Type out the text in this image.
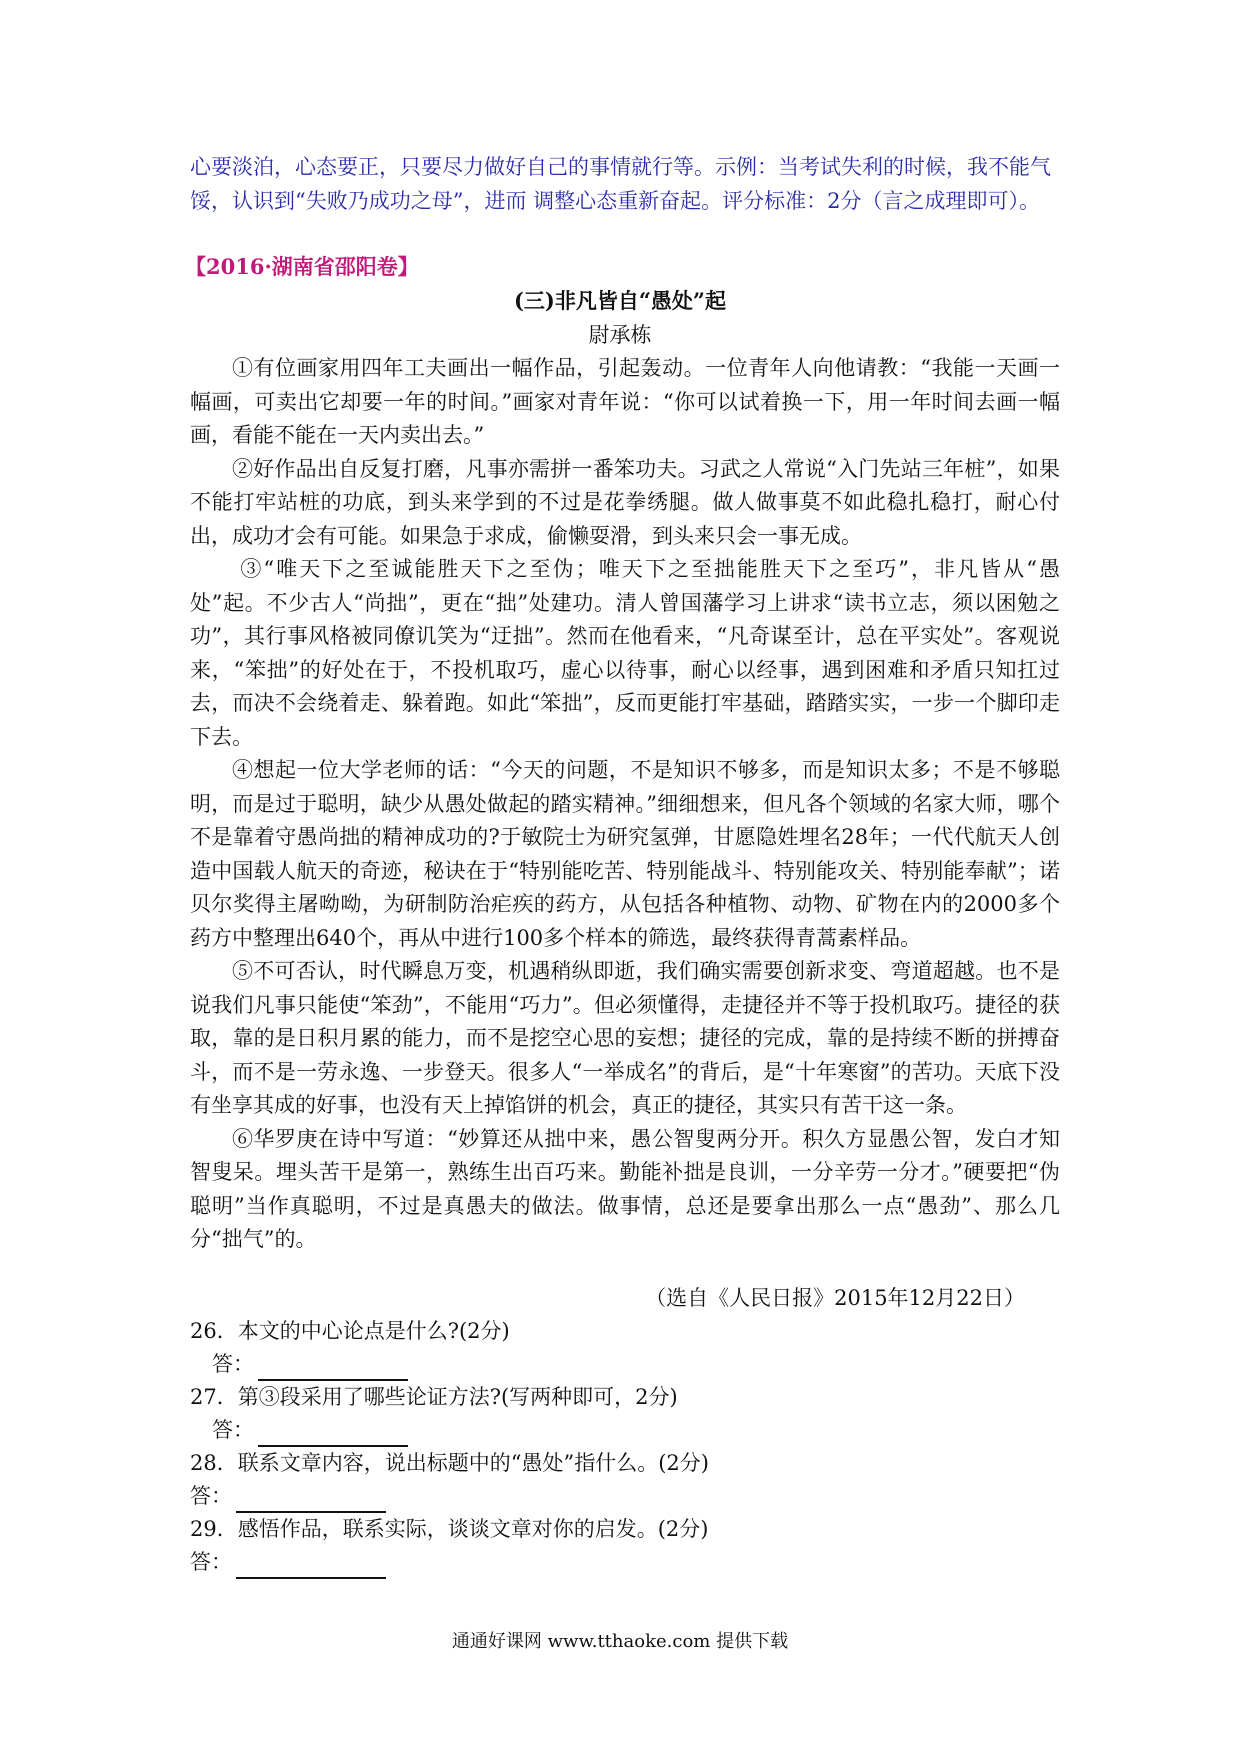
心要淡泊，心态要正，只要尽力做好自己的事情就行等。示例：当考试失利的时候，我不能气馁，认识到“失败乃成功之母”，进而 调整心态重新奋起。评分标准：2分（言之成理即可）。

【2016·湖南省邵阳卷】

(三)非凡皆自“愚处”起

尉承栋

①有位画家用四年工夫画出一幅作品，引起轰动。一位青年人向他请教：“我能一天画一幅画，可卖出它却要一年的时间。”画家对青年说：“你可以试着换一下，用一年时间去画一幅画，看能不能在一天内卖出去。”

②好作品出自反复打磨，凡事亦需拼一番笨功夫。习武之人常说“入门先站三年桩”，如果不能打牢站桩的功底，到头来学到的不过是花拳绣腿。做人做事莫不如此稳扎稳打，耐心付出，成功才会有可能。如果急于求成，偷懒耍滑，到头来只会一事无成。

③“唯天下之至诚能胜天下之至伪；唯天下之至拙能胜天下之至巧”，非凡皆从“愚处”起。不少古人“尚拙”，更在“拙”处建功。清人曾国藩学习上讲求“读书立志，须以困勉之功”，其行事风格被同僚讥笑为“迂拙”。然而在他看来，“凡奇谋至计，总在平实处”。客观说来，“笨拙”的好处在于，不投机取巧，虚心以待事，耐心以经事，遇到困难和矛盾只知扛过去，而决不会绕着走、躲着跑。如此“笨拙”，反而更能打牢基础，踏踏实实，一步一个脚印走下去。

④想起一位大学老师的话：“今天的问题，不是知识不够多，而是知识太多；不是不够聪明，而是过于聪明，缺少从愚处做起的踏实精神。”细细想来，但凡各个领域的名家大师，哪个不是靠着守愚尚拙的精神成功的?于敏院士为研究氢弹，甘愿隐姓埋名28年；一代代航天人创造中国载人航天的奇迹，秘诀在于“特别能吃苦、特别能战斗、特别能攻关、特别能奉献”；诺贝尔奖得主屠呦呦，为研制防治疟疾的药方，从包括各种植物、动物、矿物在内的2000多个药方中整理出640个，再从中进行100多个样本的筛选，最终获得青蒿素样品。

⑤不可否认，时代瞬息万变，机遇稍纵即逝，我们确实需要创新求变、弯道超越。也不是说我们凡事只能使“笨劲”，不能用“巧力”。但必须懂得，走捷径并不等于投机取巧。捷径的获取，靠的是日积月累的能力，而不是挖空心思的妄想；捷径的完成，靠的是持续不断的拼搏奋斗，而不是一劳永逸、一步登天。很多人“一举成名”的背后，是“十年寒窗”的苦功。天底下没有坐享其成的好事，也没有天上掉馅饼的机会，真正的捷径，其实只有苦干这一条。

⑥华罗庚在诗中写道：“妙算还从拙中来，愚公智叟两分开。积久方显愚公智，发白才知智叟呆。埋头苦干是第一，熟练生出百巧来。勤能补拙是良训，一分辛劳一分才。”硬要把“伪聪明”当作真聪明，不过是真愚夫的做法。做事情，总还是要拿出那么一点“愚劲”、那么几分“拙气”的。

（选自《人民日报》2015年12月22日）

26．本文的中心论点是什么?(2分)

答：

27．第③段采用了哪些论证方法?(写两种即可，2分)

答：

28．联系文章内容，说出标题中的“愚处”指什么。(2分)

答：

29．感悟作品，联系实际，谈谈文章对你的启发。(2分)

答：

通通好课网 www.tthaoke.com 提供下载
